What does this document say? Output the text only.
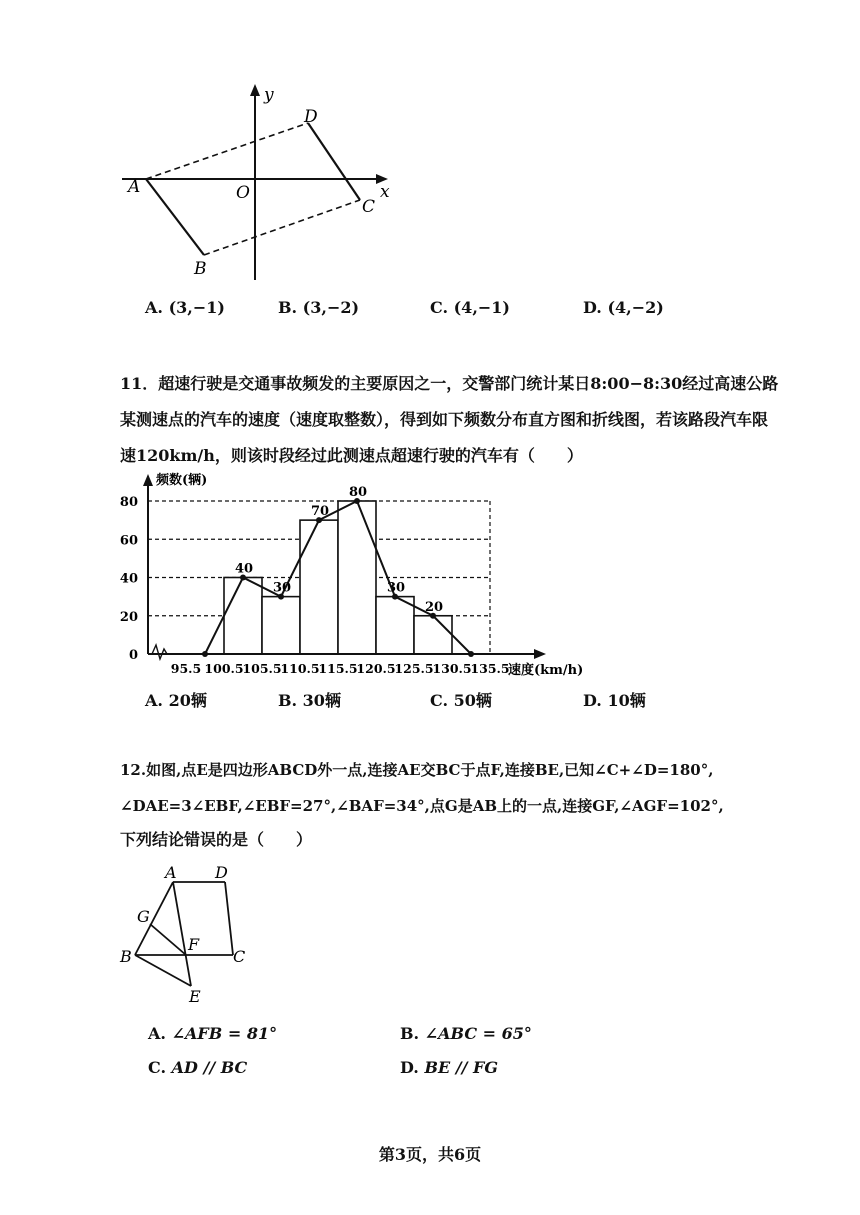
y
x
O
A
B
C
D
A. (3,−1)	B. (3,−2)	C. (4,−1)	D. (4,−2)
11．超速行驶是交通事故频发的主要原因之一，交警部门统计某日8:00−8:30经过高速公路某测速点的汽车的速度（速度取整数），得到如下频数分布直方图和折线图，若该路段汽车限速120km/h，则该时段经过此测速点超速行驶的汽车有（　　）
40
30
70
80
30
20
0
20
40
60
80
95.5 100.5
105.5
110.5
115.5
120.5
125.5
130.5
135.5
频数(辆)
速度(km/h)
A. 20辆	B. 30辆	C. 50辆	D. 10辆
12.如图,点E是四边形ABCD外一点,连接AE交BC于点F,连接BE,已知∠C+∠D=180°,
∠DAE=3∠EBF,∠EBF=27°,∠BAF=34°,点G是AB上的一点,连接GF,∠AGF=102°,
下列结论错误的是（　　）
A D
G
F
B	C
E
A. ∠AFB = 81°	B. ∠ABC = 65°
C. AD // BC	D. BE // FG
第3页，共6页
